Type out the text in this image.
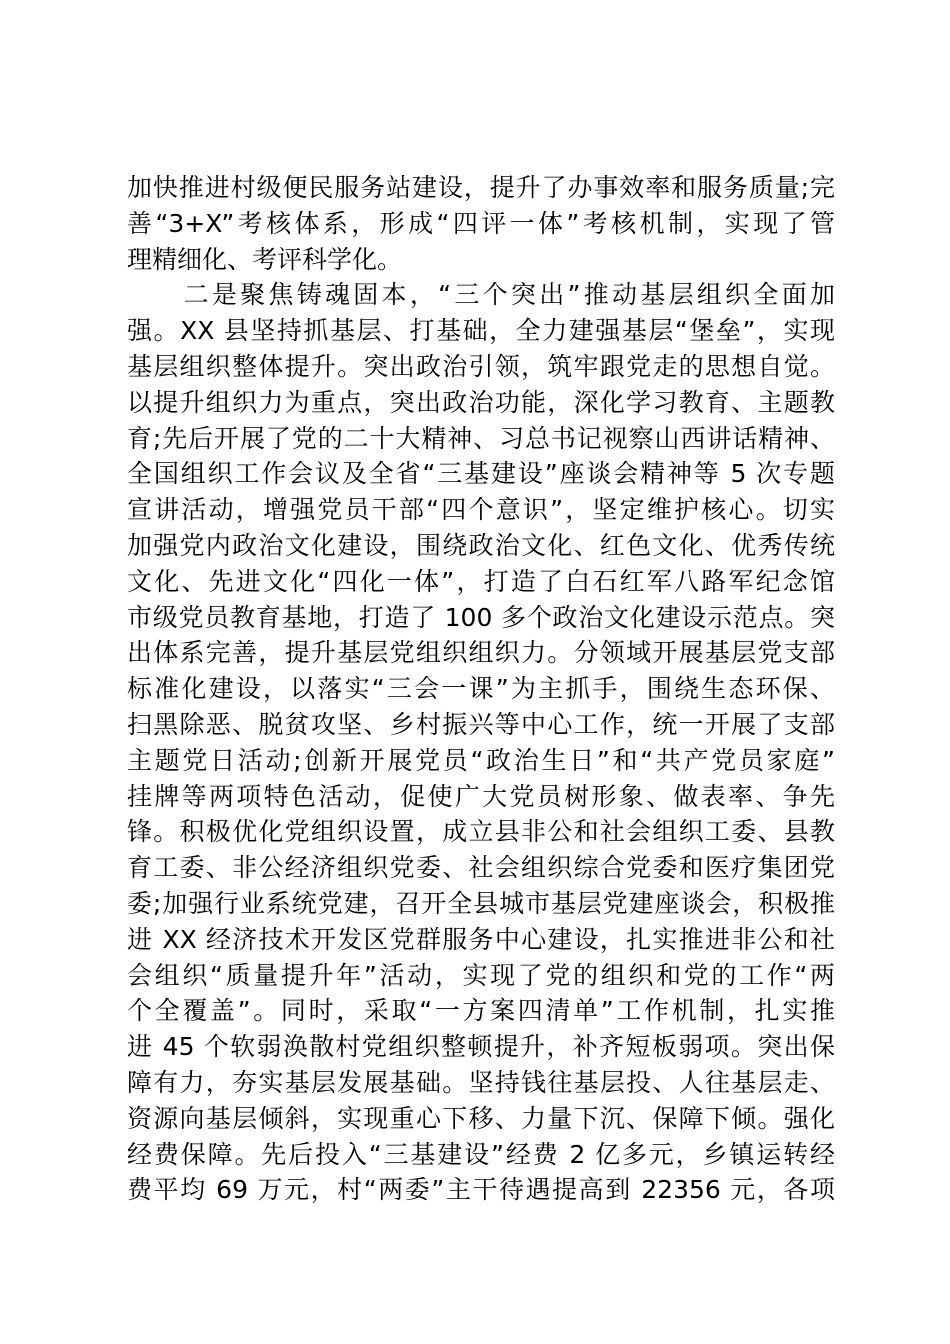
加快推进村级便民服务站建设，提升了办事效率和服务质量;完
善“3+X”考核体系，形成“四评一体”考核机制，实现了管
理精细化、考评科学化。
　　二是聚焦铸魂固本，“三个突出”推动基层组织全面加
强。XX 县坚持抓基层、打基础，全力建强基层“堡垒”，实现
基层组织整体提升。突出政治引领，筑牢跟党走的思想自觉。
以提升组织力为重点，突出政治功能，深化学习教育、主题教
育;先后开展了党的二十大精神、习总书记视察山西讲话精神、
全国组织工作会议及全省“三基建设”座谈会精神等 5 次专题
宣讲活动，增强党员干部“四个意识”，坚定维护核心。切实
加强党内政治文化建设，围绕政治文化、红色文化、优秀传统
文化、先进文化“四化一体”，打造了白石红军八路军纪念馆
市级党员教育基地，打造了 100 多个政治文化建设示范点。突
出体系完善，提升基层党组织组织力。分领域开展基层党支部
标准化建设，以落实“三会一课”为主抓手，围绕生态环保、
扫黑除恶、脱贫攻坚、乡村振兴等中心工作，统一开展了支部
主题党日活动;创新开展党员“政治生日”和“共产党员家庭”
挂牌等两项特色活动，促使广大党员树形象、做表率、争先
锋。积极优化党组织设置，成立县非公和社会组织工委、县教
育工委、非公经济组织党委、社会组织综合党委和医疗集团党
委;加强行业系统党建，召开全县城市基层党建座谈会，积极推
进 XX 经济技术开发区党群服务中心建设，扎实推进非公和社
会组织“质量提升年”活动，实现了党的组织和党的工作“两
个全覆盖”。同时，采取“一方案四清单”工作机制，扎实推
进 45 个软弱涣散村党组织整顿提升，补齐短板弱项。突出保
障有力，夯实基层发展基础。坚持钱往基层投、人往基层走、
资源向基层倾斜，实现重心下移、力量下沉、保障下倾。强化
经费保障。先后投入“三基建设”经费 2 亿多元，乡镇运转经
费平均 69 万元，村“两委”主干待遇提高到 22356 元，各项
